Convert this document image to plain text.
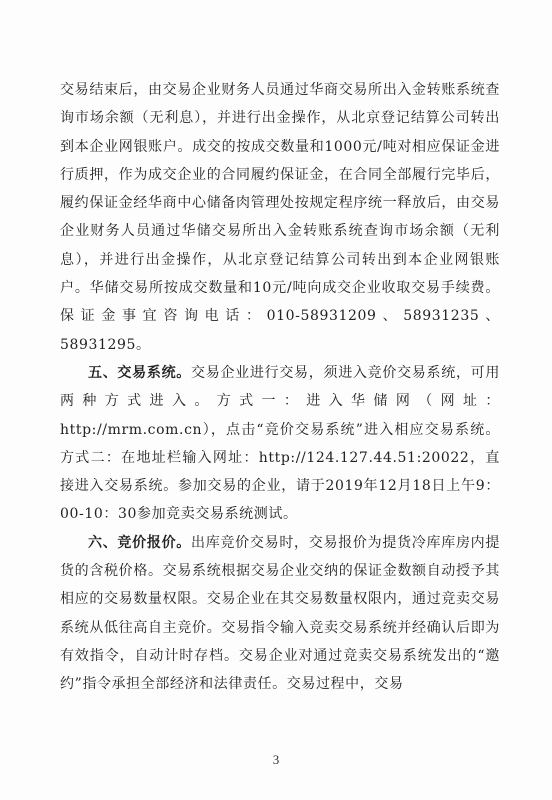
交易结束后，由交易企业财务人员通过华商交易所出入金转账系统查询市场余额（无利息），并进行出金操作，从北京登记结算公司转出到本企业网银账户。成交的按成交数量和1000元/吨对相应保证金进行质押，作为成交企业的合同履约保证金，在合同全部履行完毕后，履约保证金经华商中心储备肉管理处按规定程序统一释放后，由交易企业财务人员通过华储交易所出入金转账系统查询市场余额（无利息），并进行出金操作，从北京登记结算公司转出到本企业网银账户。华储交易所按成交数量和10元/吨向成交企业收取交易手续费。保证金事宜咨询电话：010-58931209、58931235、58931295。

五、交易系统。交易企业进行交易，须进入竞价交易系统，可用两种方式进入。方式一：进入华储网（网址：http://mrm.com.cn），点击“竞价交易系统”进入相应交易系统。方式二：在地址栏输入网址：http://124.127.44.51:20022，直接进入交易系统。参加交易的企业，请于2019年12月18日上午9：00-10：30参加竞卖交易系统测试。

六、竞价报价。出库竞价交易时，交易报价为提货冷库库房内提货的含税价格。交易系统根据交易企业交纳的保证金数额自动授予其相应的交易数量权限。交易企业在其交易数量权限内，通过竞卖交易系统从低往高自主竞价。交易指令输入竞卖交易系统并经确认后即为有效指令，自动计时存档。交易企业对通过竞卖交易系统发出的“邀约”指令承担全部经济和法律责任。交易过程中，交易

3
